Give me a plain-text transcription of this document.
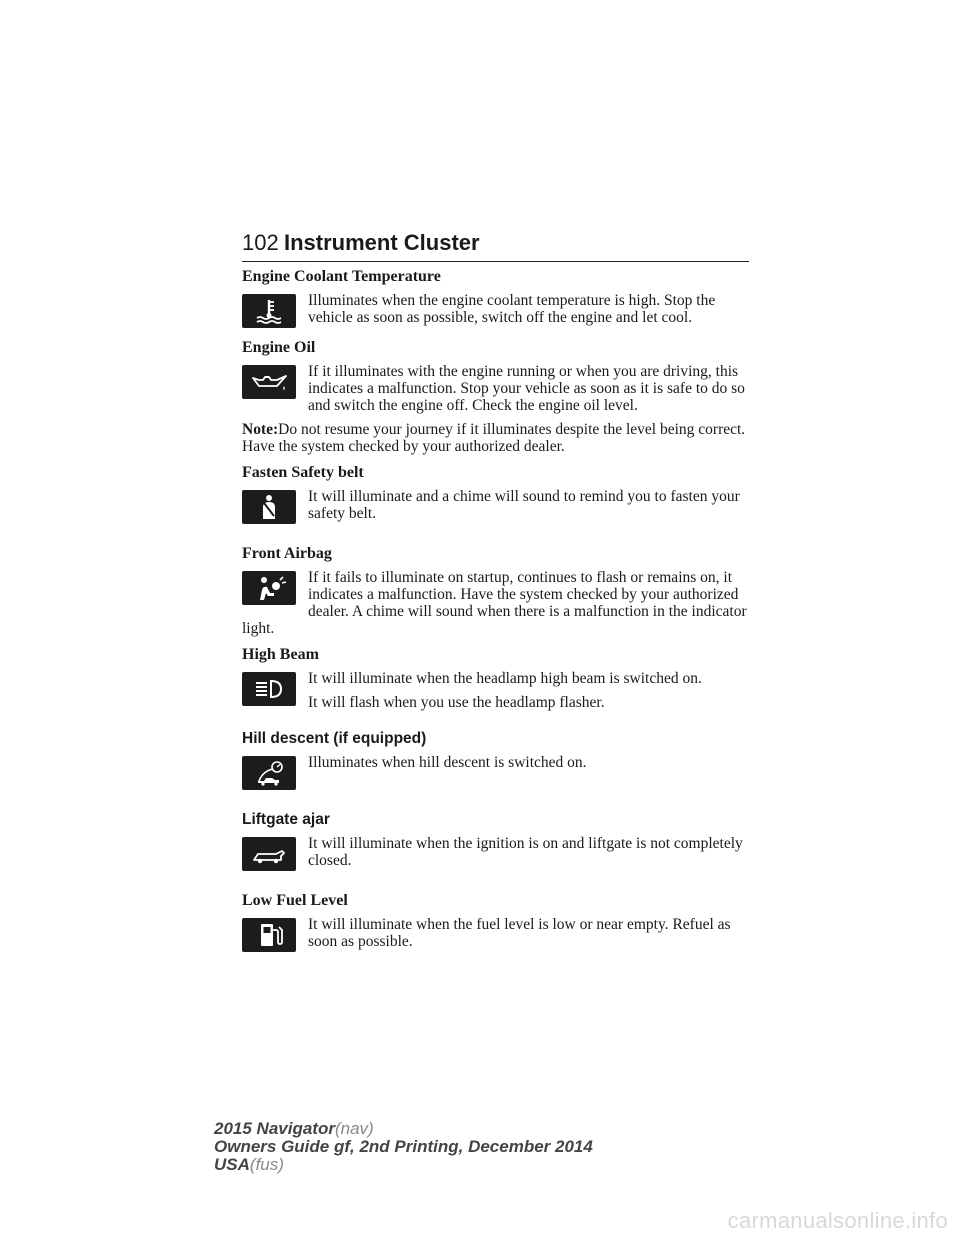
102 Instrument Cluster

Engine Coolant Temperature

Illuminates when the engine coolant temperature is high. Stop the vehicle as soon as possible, switch off the engine and let cool.

Engine Oil

If it illuminates with the engine running or when you are driving, this indicates a malfunction. Stop your vehicle as soon as it is safe to do so and switch the engine off. Check the engine oil level.

Note:Do not resume your journey if it illuminates despite the level being correct. Have the system checked by your authorized dealer.

Fasten Safety belt

It will illuminate and a chime will sound to remind you to fasten your safety belt.

Front Airbag

If it fails to illuminate on startup, continues to flash or remains on, it indicates a malfunction. Have the system checked by your authorized dealer. A chime will sound when there is a malfunction in the indicator light.

High Beam

It will illuminate when the headlamp high beam is switched on.

It will flash when you use the headlamp flasher.

Hill descent (if equipped)

Illuminates when hill descent is switched on.

Liftgate ajar

It will illuminate when the ignition is on and liftgate is not completely closed.

Low Fuel Level

It will illuminate when the fuel level is low or near empty. Refuel as soon as possible.

2015 Navigator(nav)
Owners Guide gf, 2nd Printing, December 2014
USA(fus)
carmanualsonline.info
